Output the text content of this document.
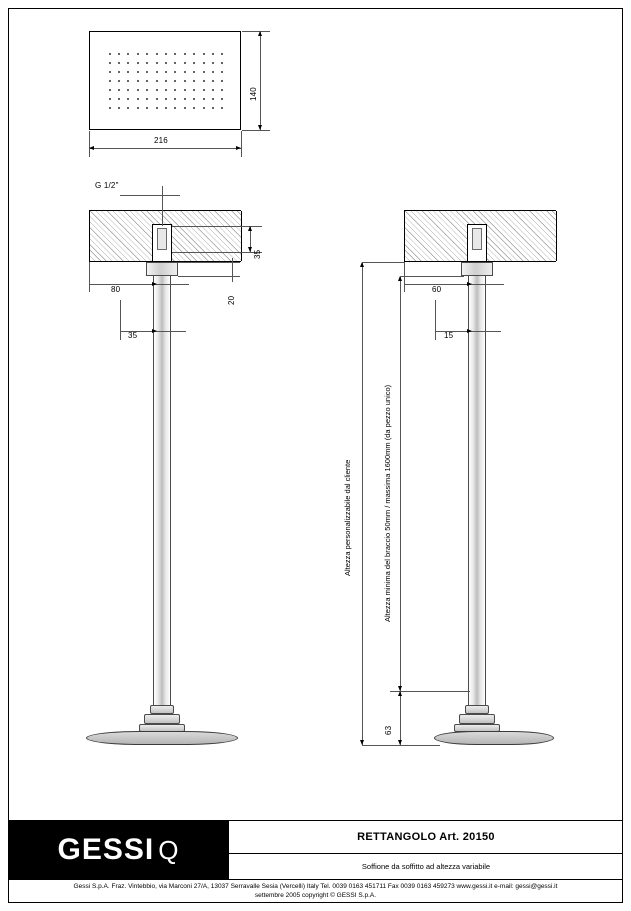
216
140
G 1/2"
35
20
80
35
60
15
63
Altezza personalizzabile dal cliente	Altezza minima del braccio 50mm / massima 1600mm (da pezzo unico)
GESSI Q	RETTANGOLO Art. 20150
Soffione da soffitto ad altezza variabile
Gessi S.p.A. Fraz. Vintebbio, via Marconi 27/A, 13037 Serravalle Sesia (Vercelli) Italy Tel. 0039 0163 451711 Fax 0039 0163 459273 www.gessi.it e-mail: gessi@gessi.it
settembre 2005 copyright © GESSI S.p.A.
